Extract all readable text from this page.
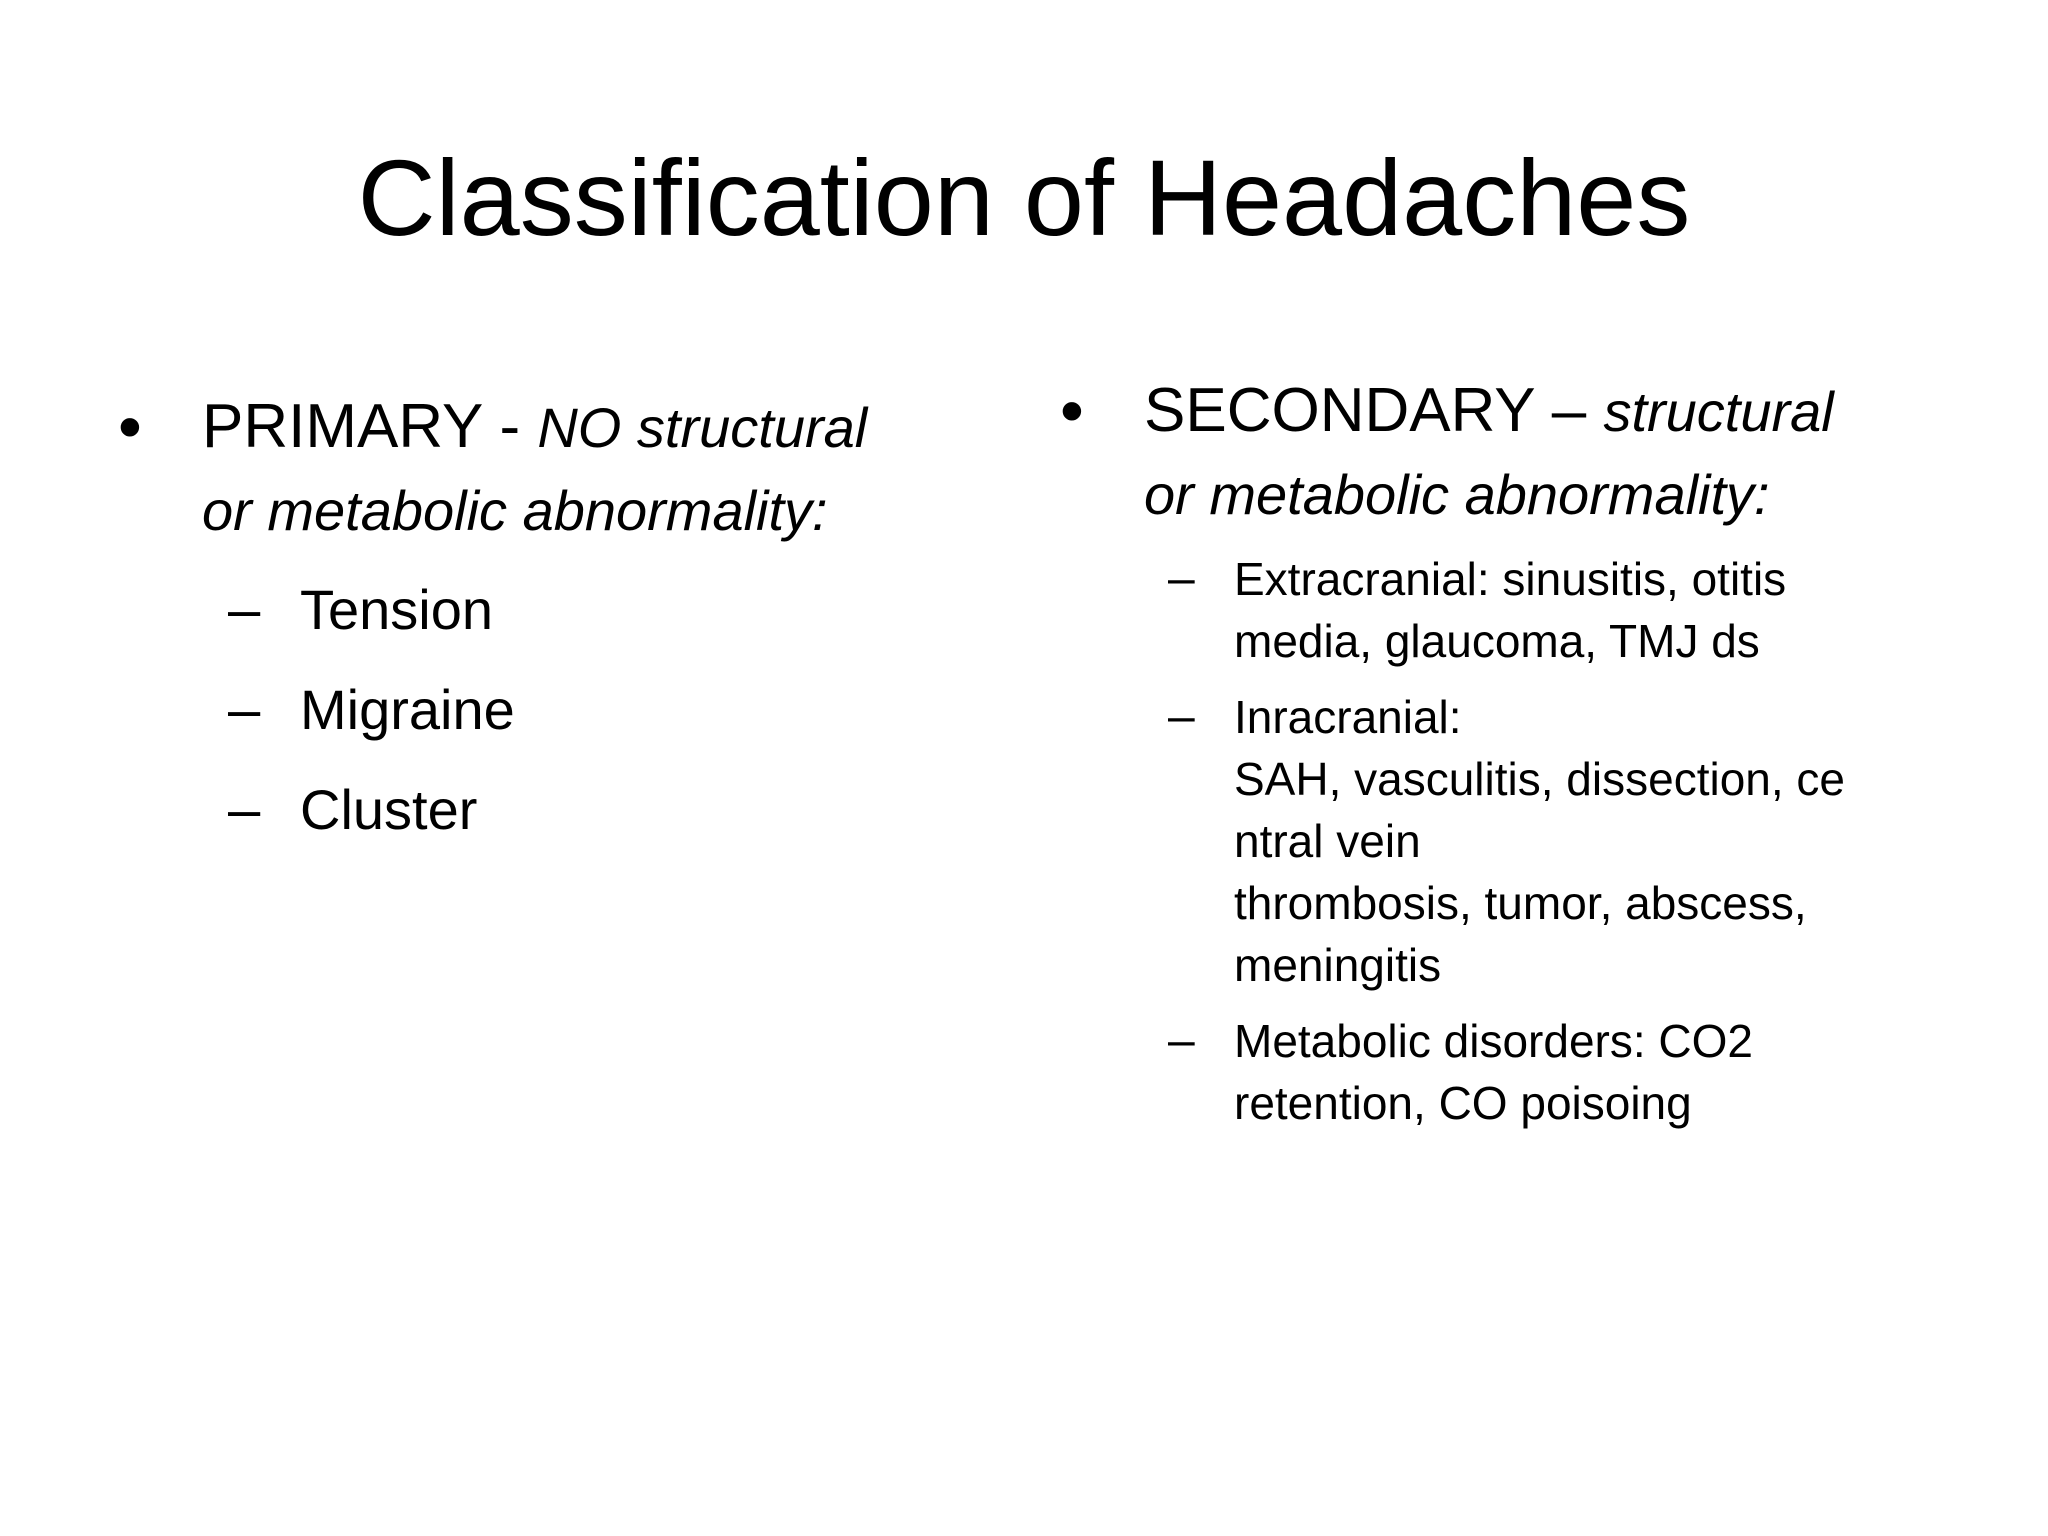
Classification of Headaches
• PRIMARY - NO structural
or metabolic abnormality:
– Tension
– Migraine
– Cluster
• SECONDARY – structural
or metabolic abnormality:
– Extracranial: sinusitis, otitis
media, glaucoma, TMJ ds
– Inracranial:
SAH, vasculitis, dissection, ce
ntral vein
thrombosis, tumor, abscess,
meningitis
– Metabolic disorders: CO2
retention, CO poisoing
